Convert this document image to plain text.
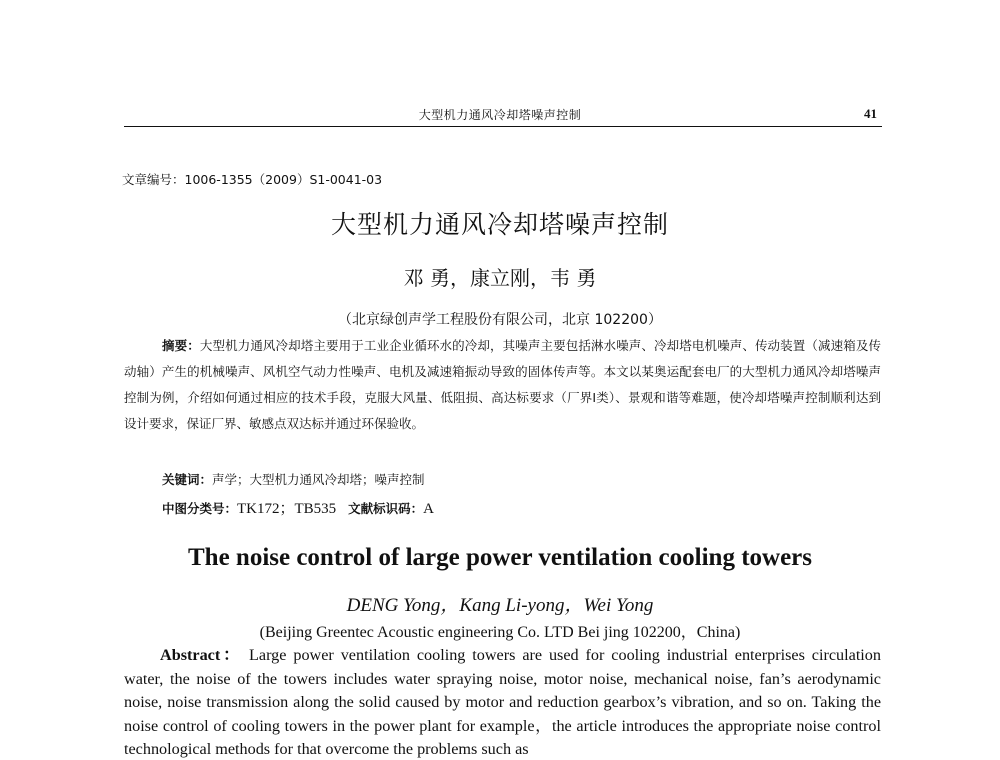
大型机力通风冷却塔噪声控制	41
文章编号：1006-1355（2009）S1-0041-03
大型机力通风冷却塔噪声控制
邓 勇，康立刚，韦 勇
（北京绿创声学工程股份有限公司，北京 102200）
摘要：大型机力通风冷却塔主要用于工业企业循环水的冷却，其噪声主要包括淋水噪声、冷却塔电机噪声、传动装置（减速箱及传动轴）产生的机械噪声、风机空气动力性噪声、电机及减速箱振动导致的固体传声等。本文以某奥运配套电厂的大型机力通风冷却塔噪声控制为例，介绍如何通过相应的技术手段，克服大风量、低阻损、高达标要求（厂界Ⅰ类）、景观和谐等难题，使冷却塔噪声控制顺利达到设计要求，保证厂界、敏感点双达标并通过环保验收。
关键词：声学；大型机力通风冷却塔；噪声控制
中图分类号：TK172；TB535 文献标识码：A
The noise control of large power ventilation cooling towers
DENG Yong，Kang Li-yong，Wei Yong
(Beijing Greentec Acoustic engineering Co. LTD Bei jing 102200，China)
Abstract： Large power ventilation cooling towers are used for cooling industrial enterprises circulation water, the noise of the towers includes water spraying noise, motor noise, mechanical noise, fan’s aerodynamic noise, noise transmission along the solid caused by motor and reduction gearbox’s vibration, and so on. Taking the noise control of cooling towers in the power plant for example，the article introduces the appropriate noise control technological methods for that overcome the problems such as
